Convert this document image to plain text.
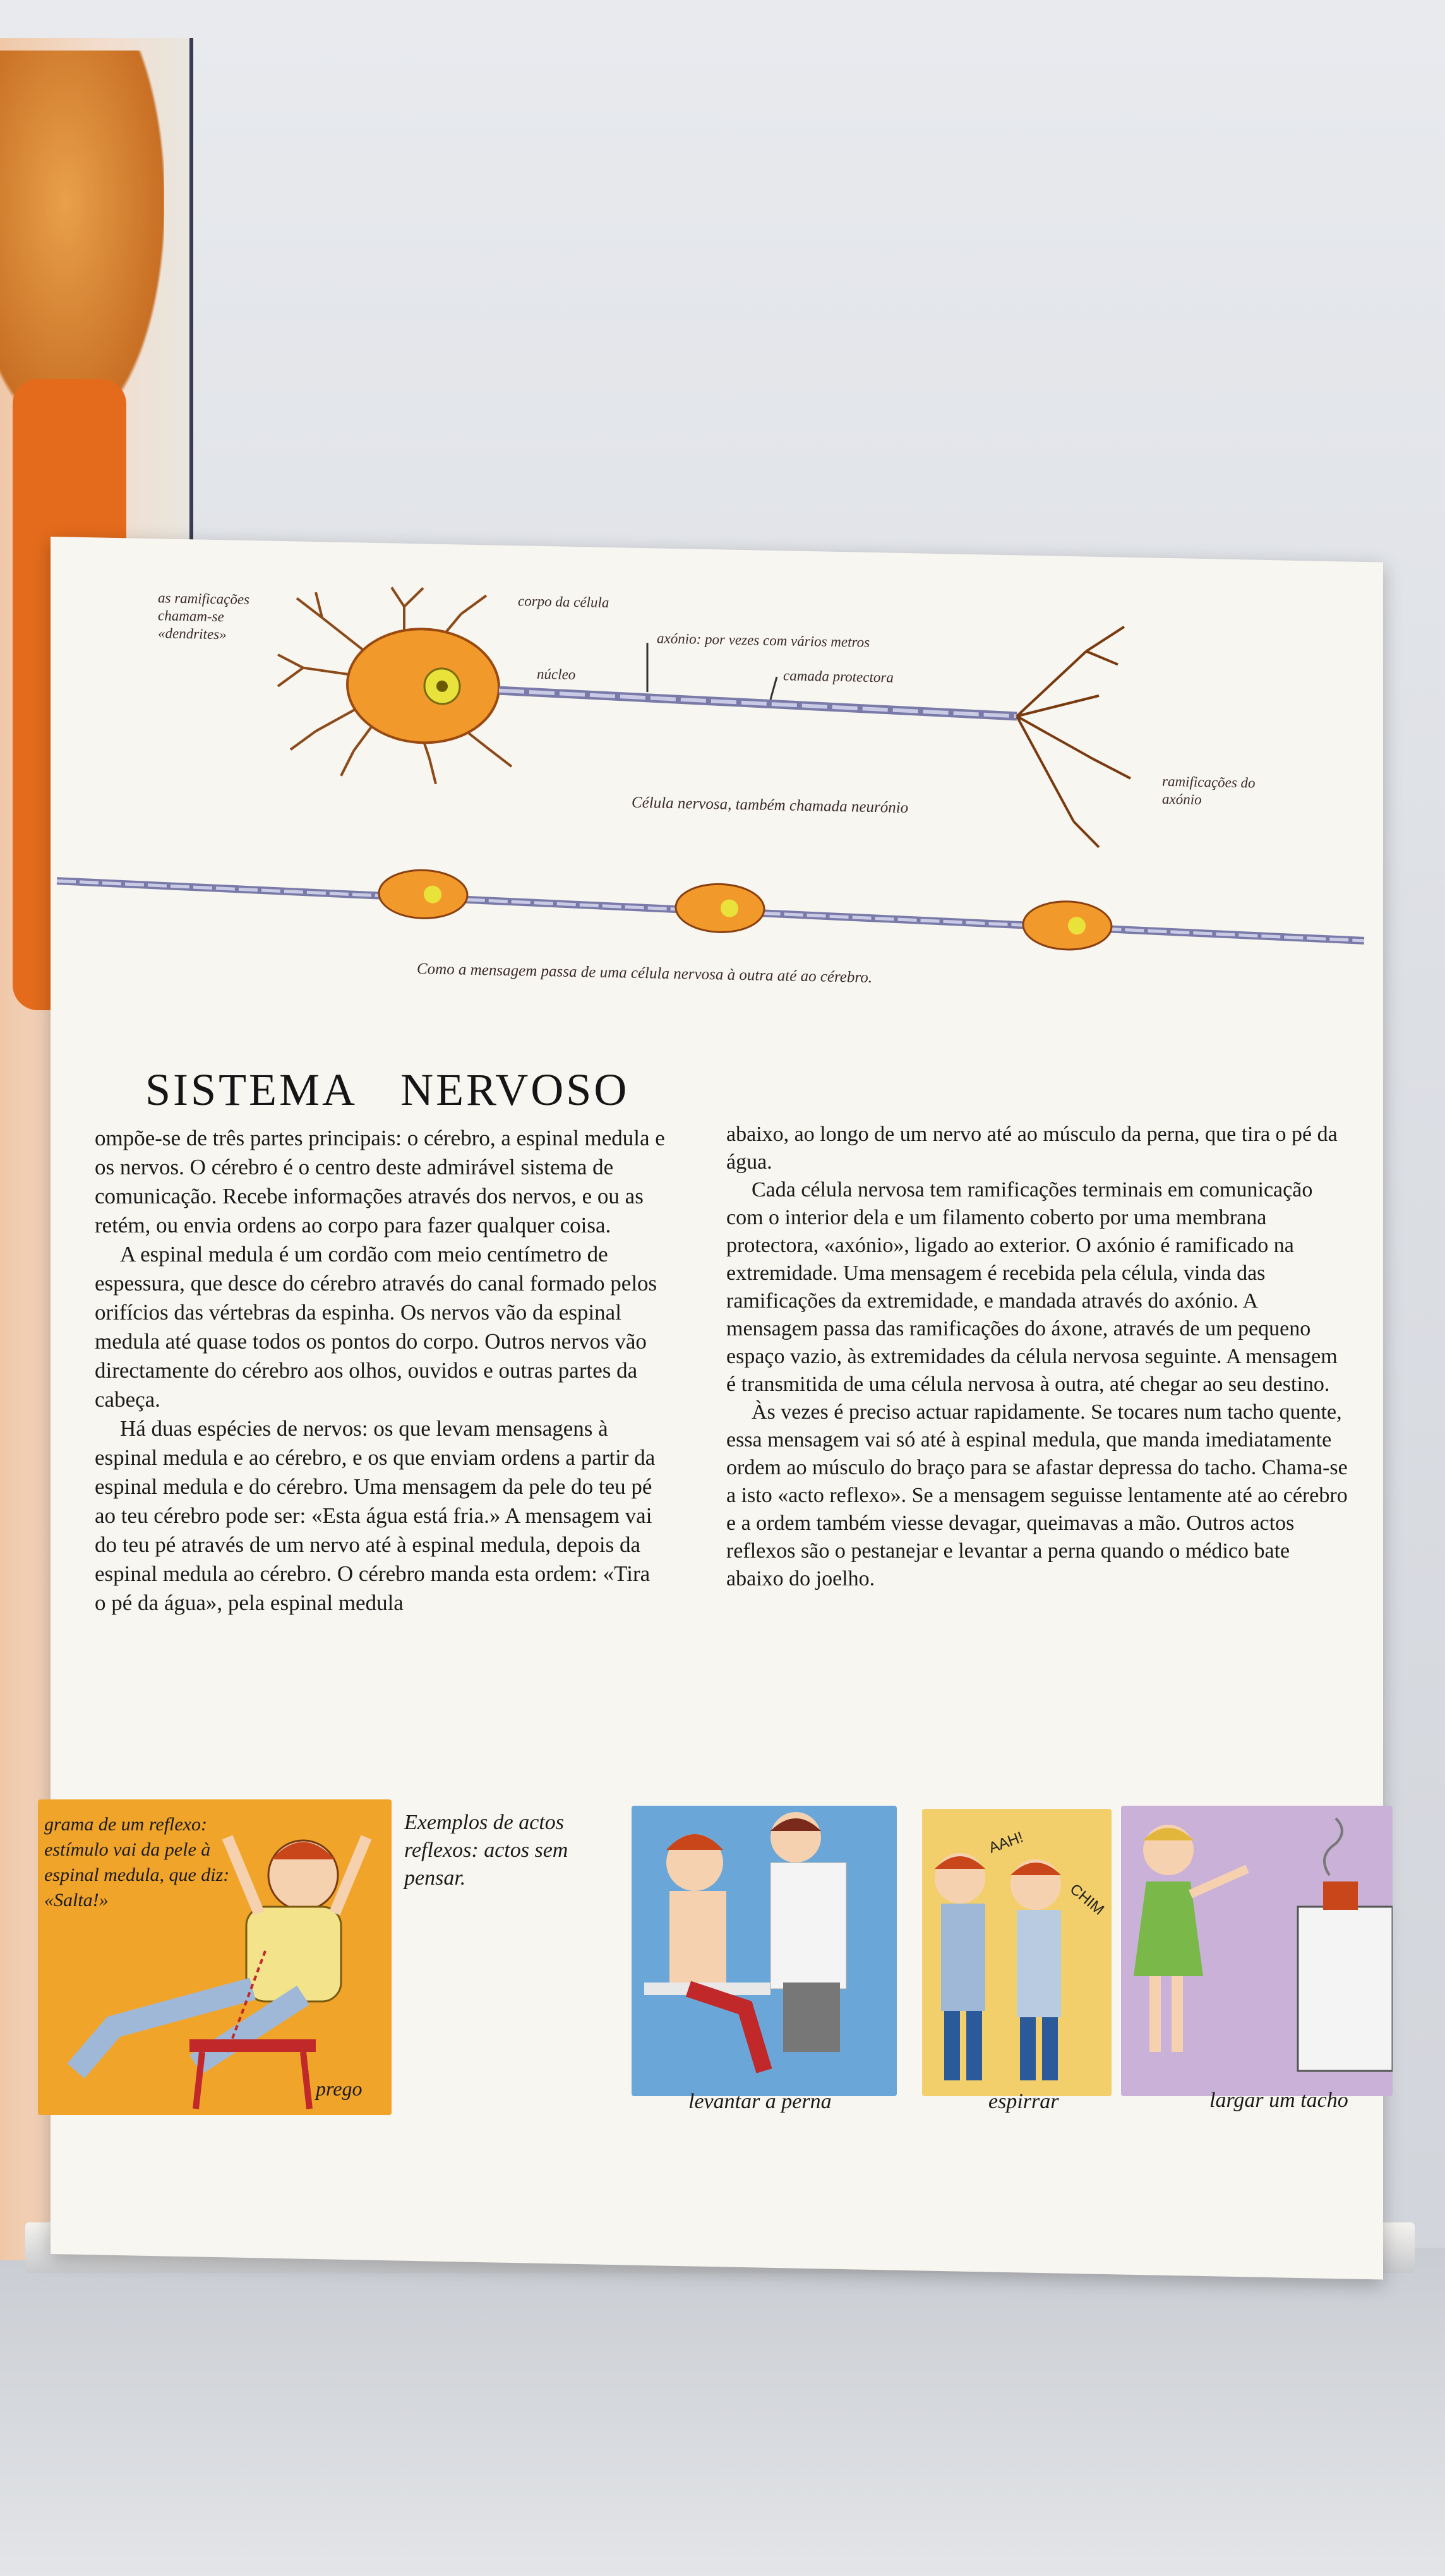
as ramificações chamam-se «dendrites»
corpo da célula
núcleo
axónio: por vezes com vários metros
camada protectora
ramificações do axónio
Célula nervosa, também chamada neurónio
Como a mensagem passa de uma célula nervosa à outra até ao cérebro.
SISTEMA NERVOSO

ompõe-se de três partes principais: o cérebro, a espinal medula e os nervos. O cérebro é o centro deste admirável sistema de comunicação. Recebe informações através dos nervos, e ou as retém, ou envia ordens ao corpo para fazer qualquer coisa.

A espinal medula é um cordão com meio centímetro de espessura, que desce do cérebro através do canal formado pelos orifícios das vértebras da espinha. Os nervos vão da espinal medula até quase todos os pontos do corpo. Outros nervos vão directamente do cérebro aos olhos, ouvidos e outras partes da cabeça.

Há duas espécies de nervos: os que levam mensagens à espinal medula e ao cérebro, e os que enviam ordens a partir da espinal medula e do cérebro. Uma mensagem da pele do teu pé ao teu cérebro pode ser: «Esta água está fria.» A mensagem vai do teu pé através de um nervo até à espinal medula, depois da espinal medula ao cérebro. O cérebro manda esta ordem: «Tira o pé da água», pela espinal medula

abaixo, ao longo de um nervo até ao músculo da perna, que tira o pé da água.

Cada célula nervosa tem ramificações terminais em comunicação com o interior dela e um filamento coberto por uma membrana protectora, «axónio», ligado ao exterior. O axónio é ramificado na extremidade. Uma mensagem é recebida pela célula, vinda das ramificações da extremidade, e mandada através do axónio. A mensagem passa das ramificações do áxone, através de um pequeno espaço vazio, às extremidades da célula nervosa seguinte. A mensagem é transmitida de uma célula nervosa à outra, até chegar ao seu destino.

Às vezes é preciso actuar rapidamente. Se tocares num tacho quente, essa mensagem vai só até à espinal medula, que manda imediatamente ordem ao músculo do braço para se afastar depressa do tacho. Chama-se a isto «acto reflexo». Se a mensagem seguisse lentamente até ao cérebro e a ordem também viesse devagar, queimavas a mão. Outros actos reflexos são o pestanejar e levantar a perna quando o médico bate abaixo do joelho.

grama de um reflexo: estímulo vai da pele à espinal medula, que diz: «Salta!»
prego
Exemplos de actos reflexos: actos sem pensar.
levantar a perna
AAH!
CHIM
espirrar	largar um tacho
